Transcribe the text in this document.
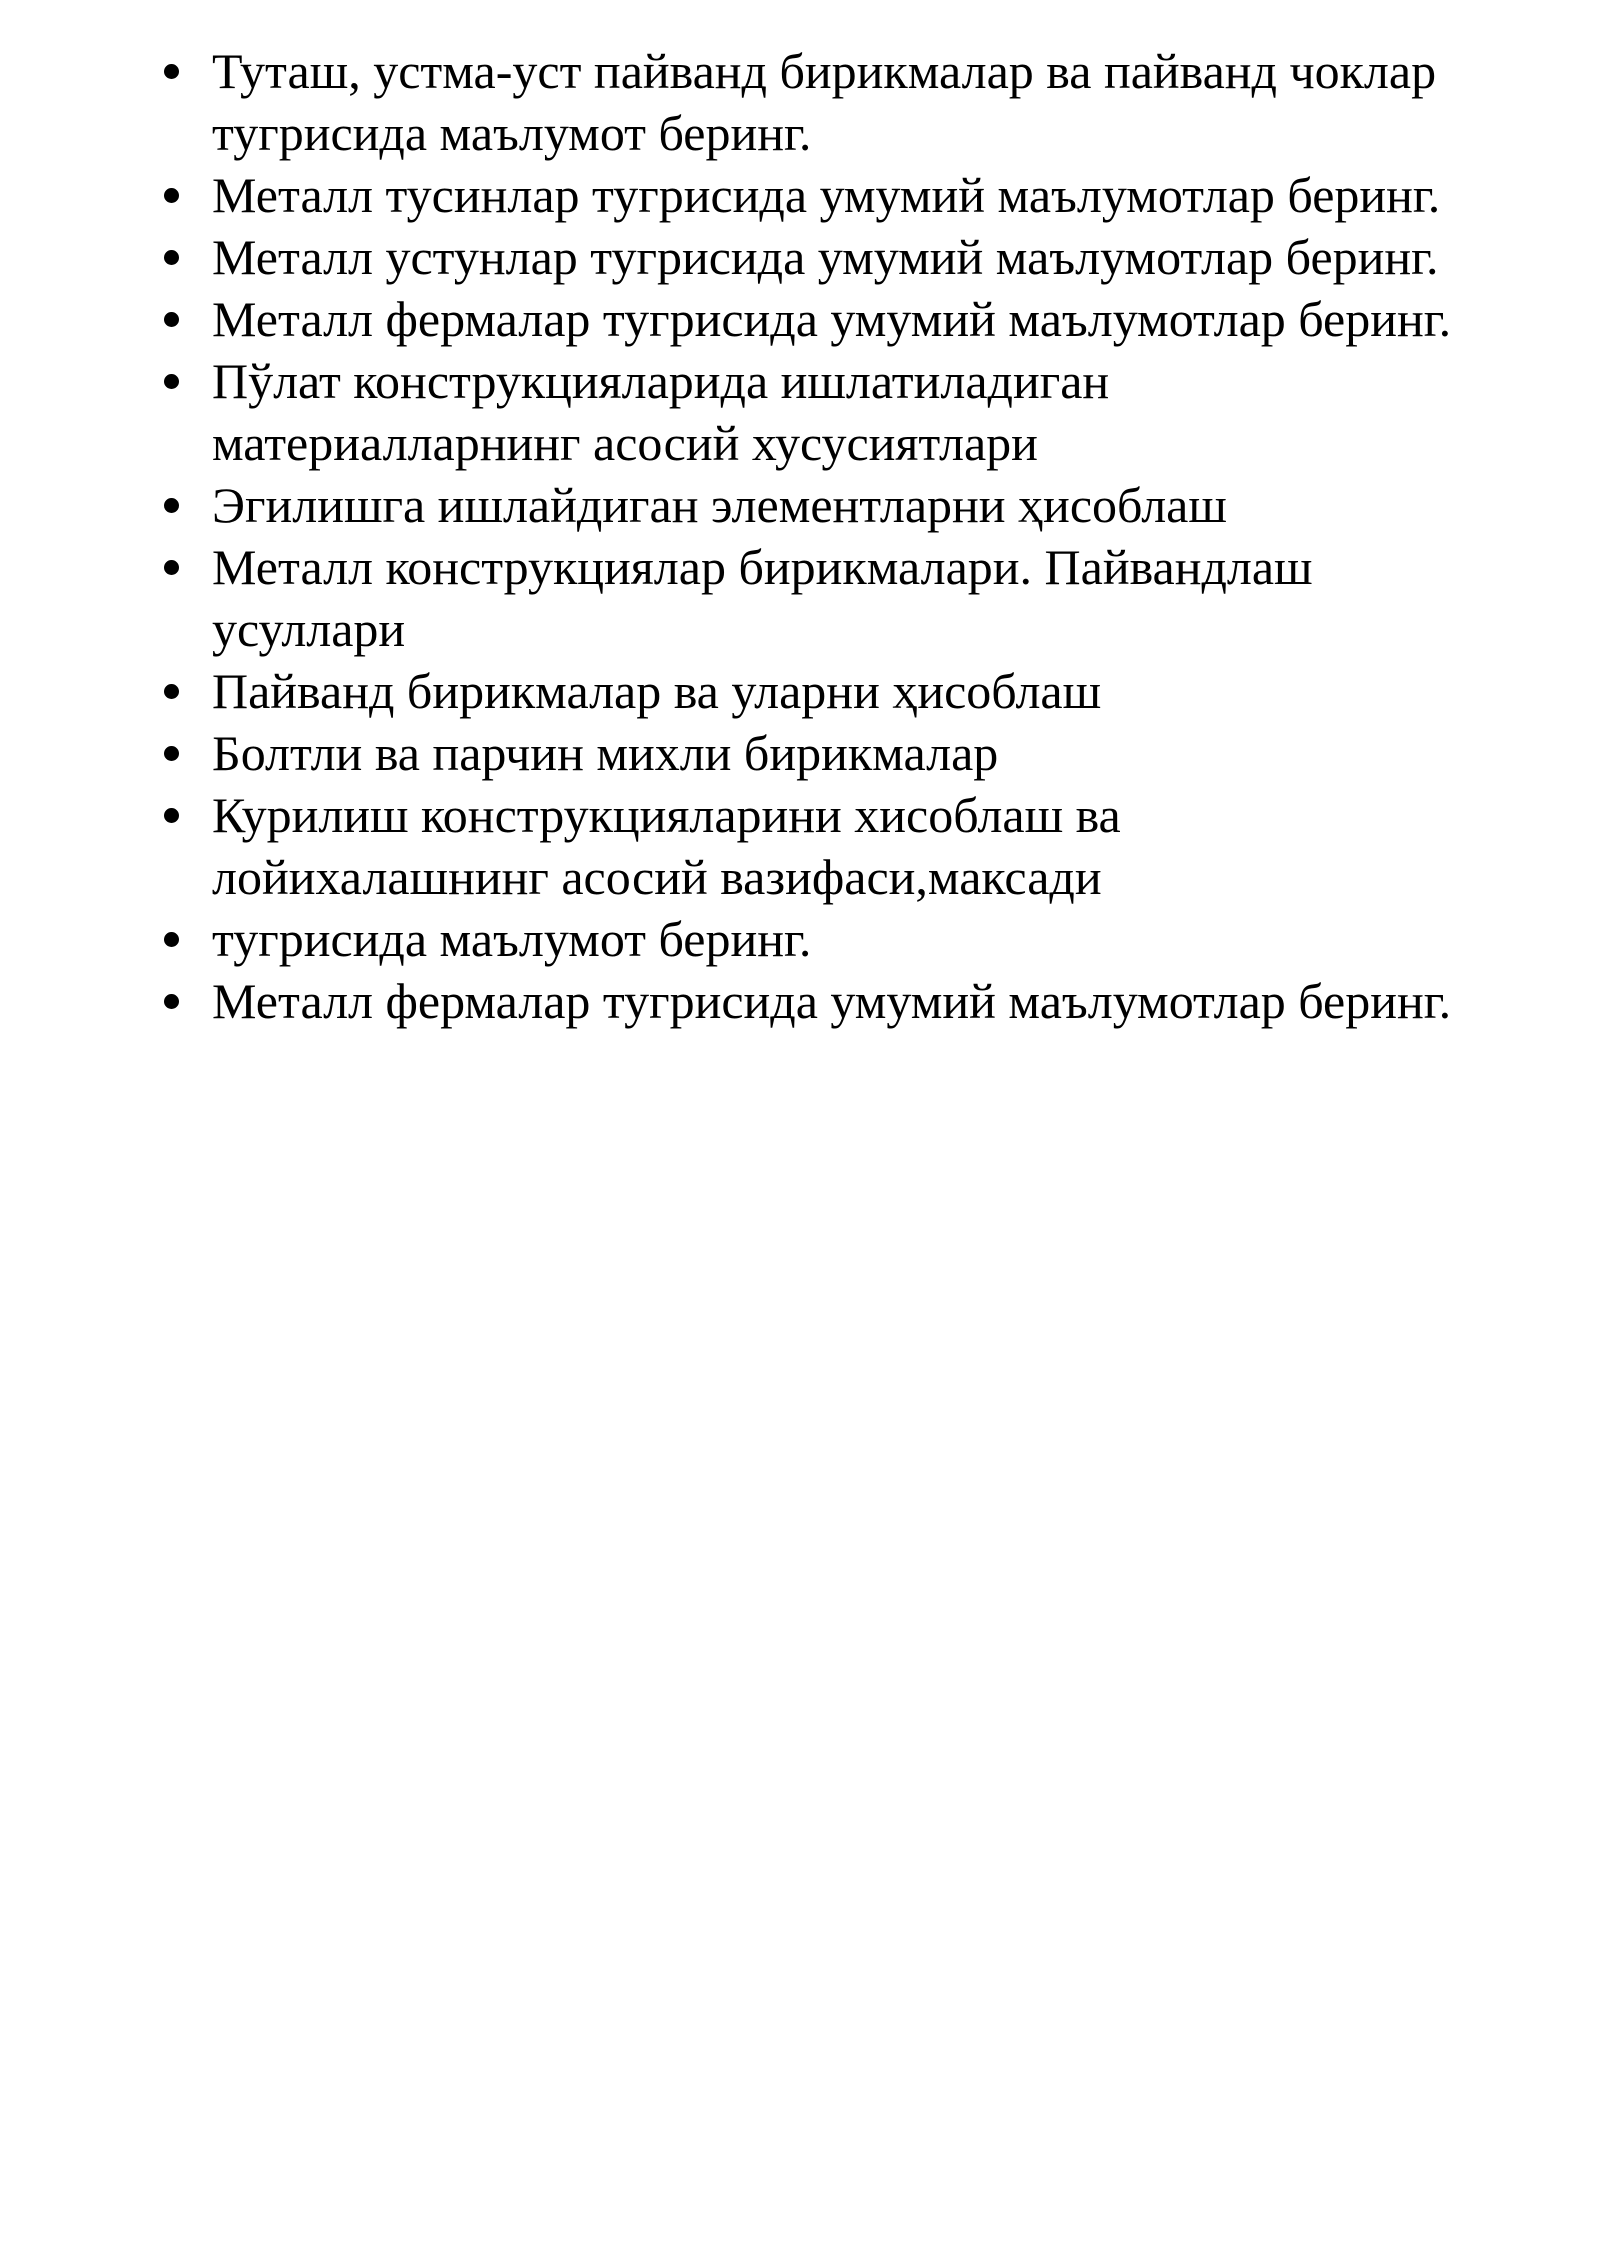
Туташ, устма-уст пайванд бирикмалар ва пайванд чоклар тугрисида маълумот беринг.
Металл тусинлар тугрисида умумий маълумотлар беринг.
Металл устунлар тугрисида умумий маълумотлар беринг.
Металл фермалар тугрисида умумий маълумотлар беринг.
Пўлат конструкцияларида ишлатиладиган материалларнинг асосий хусусиятлари
Эгилишга ишлайдиган элементларни ҳисоблаш
Металл конструкциялар бирикмалари. Пайвандлаш усуллари
Пайванд бирикмалар ва уларни ҳисоблаш
Болтли ва парчин михли бирикмалар
Курилиш конструкцияларини хисоблаш ва лойихалашнинг асосий вазифаси,максади
тугрисида маълумот беринг.
Металл фермалар тугрисида умумий маълумотлар беринг.
